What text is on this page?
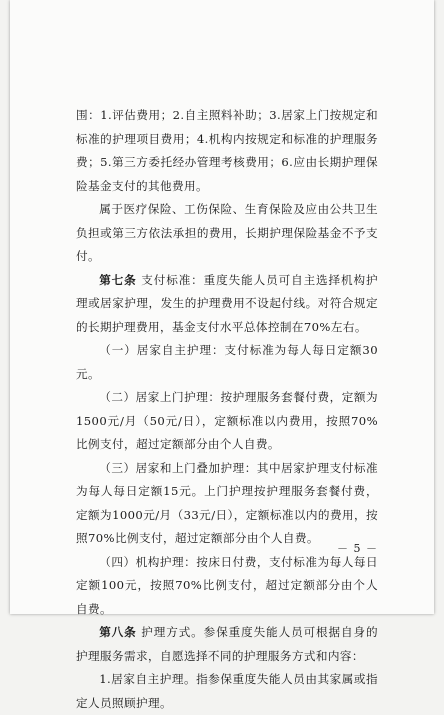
围：1.评估费用；2.自主照料补助；3.居家上门按规定和标准的护理项目费用；4.机构内按规定和标准的护理服务费；5.第三方委托经办管理考核费用；6.应由长期护理保险基金支付的其他费用。

属于医疗保险、工伤保险、生育保险及应由公共卫生负担或第三方依法承担的费用，长期护理保险基金不予支付。

第七条 支付标准：重度失能人员可自主选择机构护理或居家护理，发生的护理费用不设起付线。对符合规定的长期护理费用，基金支付水平总体控制在70%左右。

（一）居家自主护理：支付标准为每人每日定额30元。

（二）居家上门护理：按护理服务套餐付费，定额为1500元/月（50元/日），定额标准以内费用，按照70%比例支付，超过定额部分由个人自费。

（三）居家和上门叠加护理：其中居家护理支付标准为每人每日定额15元。上门护理按护理服务套餐付费，定额为1000元/月（33元/日），定额标准以内的费用，按照70%比例支付，超过定额部分由个人自费。

（四）机构护理：按床日付费，支付标准为每人每日定额100元，按照70%比例支付，超过定额部分由个人自费。

第八条 护理方式。参保重度失能人员可根据自身的护理服务需求，自愿选择不同的护理服务方式和内容：

1.居家自主护理。指参保重度失能人员由其家属或指定人员照顾护理。

－ 5 －
